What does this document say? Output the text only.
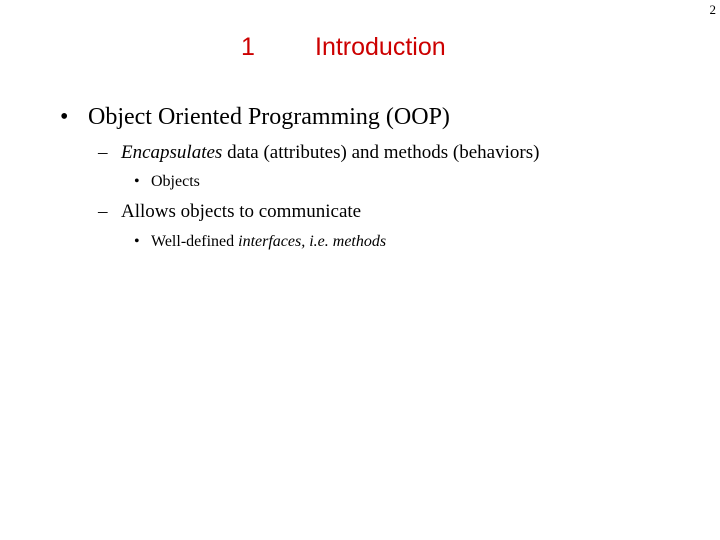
2
1 Introduction
• Object Oriented Programming (OOP)
– Encapsulates data (attributes) and methods (behaviors)
• Objects
– Allows objects to communicate
• Well-defined interfaces, i.e. methods
